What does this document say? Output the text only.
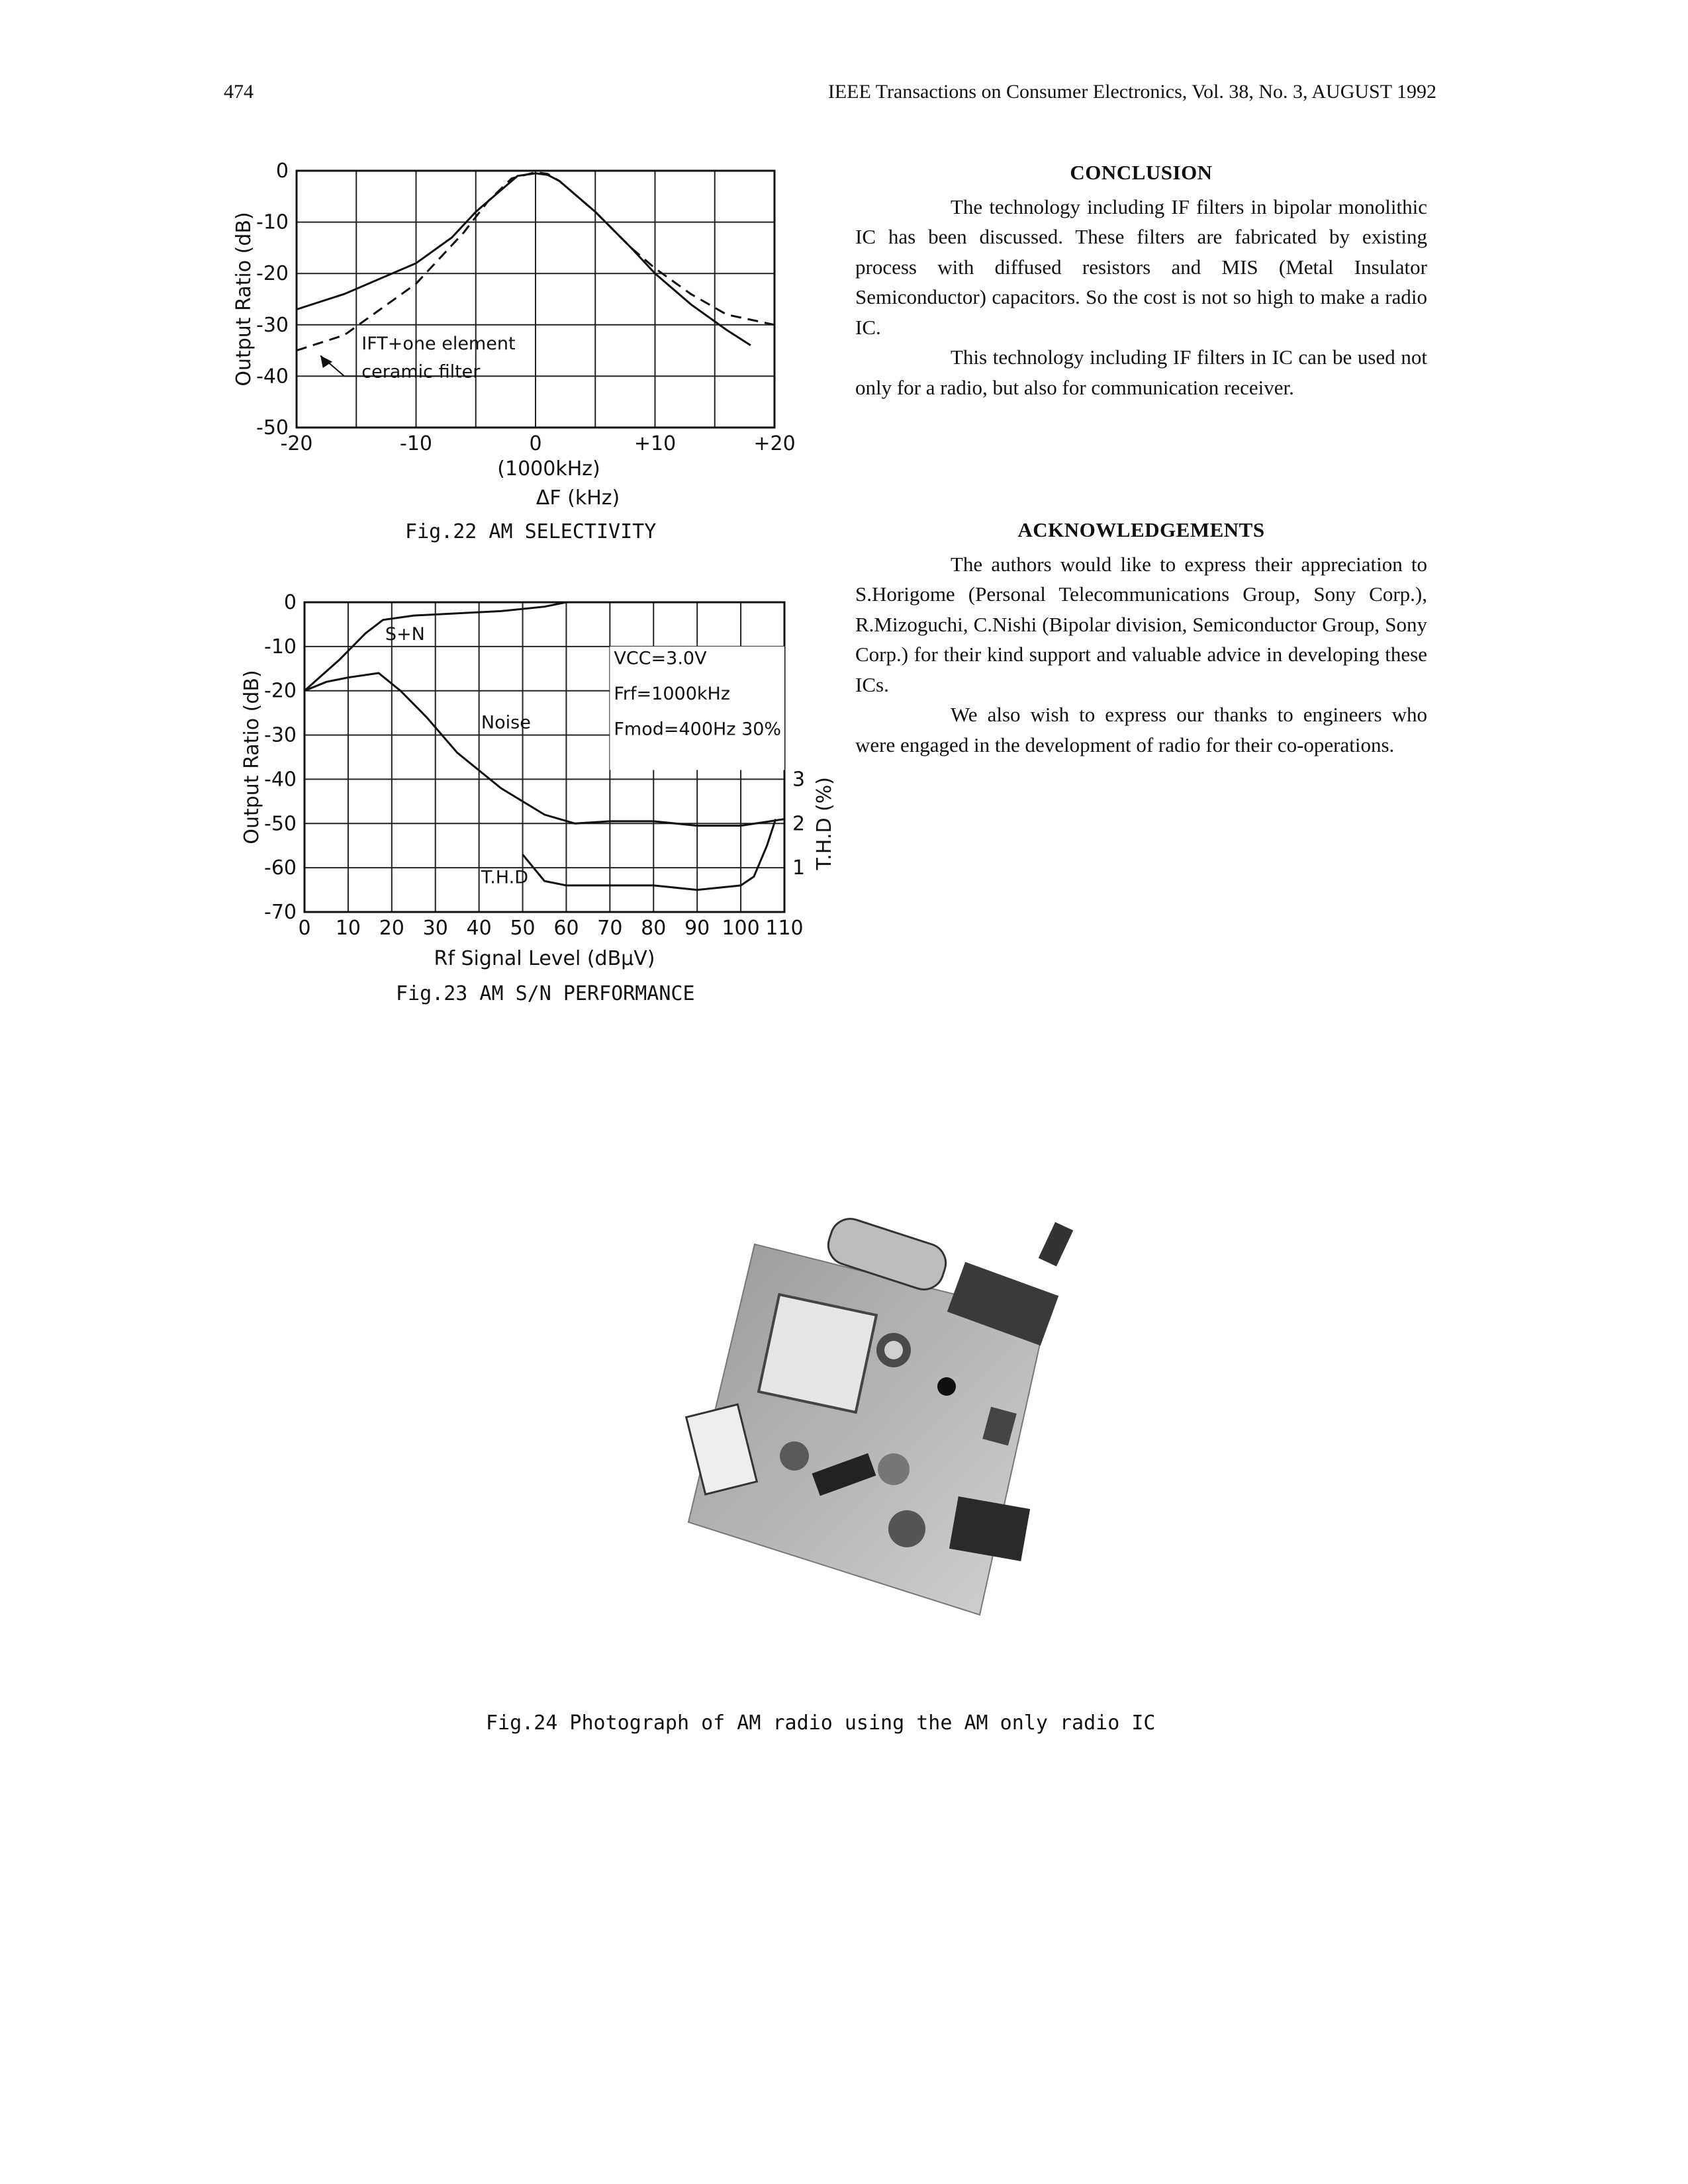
474	IEEE Transactions on Consumer Electronics, Vol. 38, No. 3, AUGUST 1992
CONCLUSION

The technology including IF filters in bipolar monolithic IC has been discussed. These filters are fabricated by existing process with diffused resistors and MIS (Metal Insulator Semiconductor) capacitors. So the cost is not so high to make a radio IC.

This technology including IF filters in IC can be used not only for a radio, but also for communication receiver.

ACKNOWLEDGEMENTS

The authors would like to express their appreciation to S.Horigome (Personal Telecommunications Group, Sony Corp.), R.Mizoguchi, C.Nishi (Bipolar division, Semiconductor Group, Sony Corp.) for their kind support and valuable advice in developing these ICs.

We also wish to express our thanks to engineers who were engaged in the development of radio for their co-operations.

-20	-10	0	+10	+20
0
-10
-20
-30
-40
-50
Output Ratio (dB)
(1000kHz)
ΔF (kHz)
IFT+one element
ceramic filter
Fig.22 AM SELECTIVITY
0 10 20 30 40 50 60 70 80 90 100 110
0
-10
-20
-30
-40
-50
-60
-70
Output Ratio (dB)
Rf Signal Level (dBμV)
1
2
3 T.H.D (%)
S+N
Noise
T.H.D
VCC=3.0V
Frf=1000kHz
Fmod=400Hz 30%
Fig.23 AM S/N PERFORMANCE
Fig.24 Photograph of AM radio using the AM only radio IC
